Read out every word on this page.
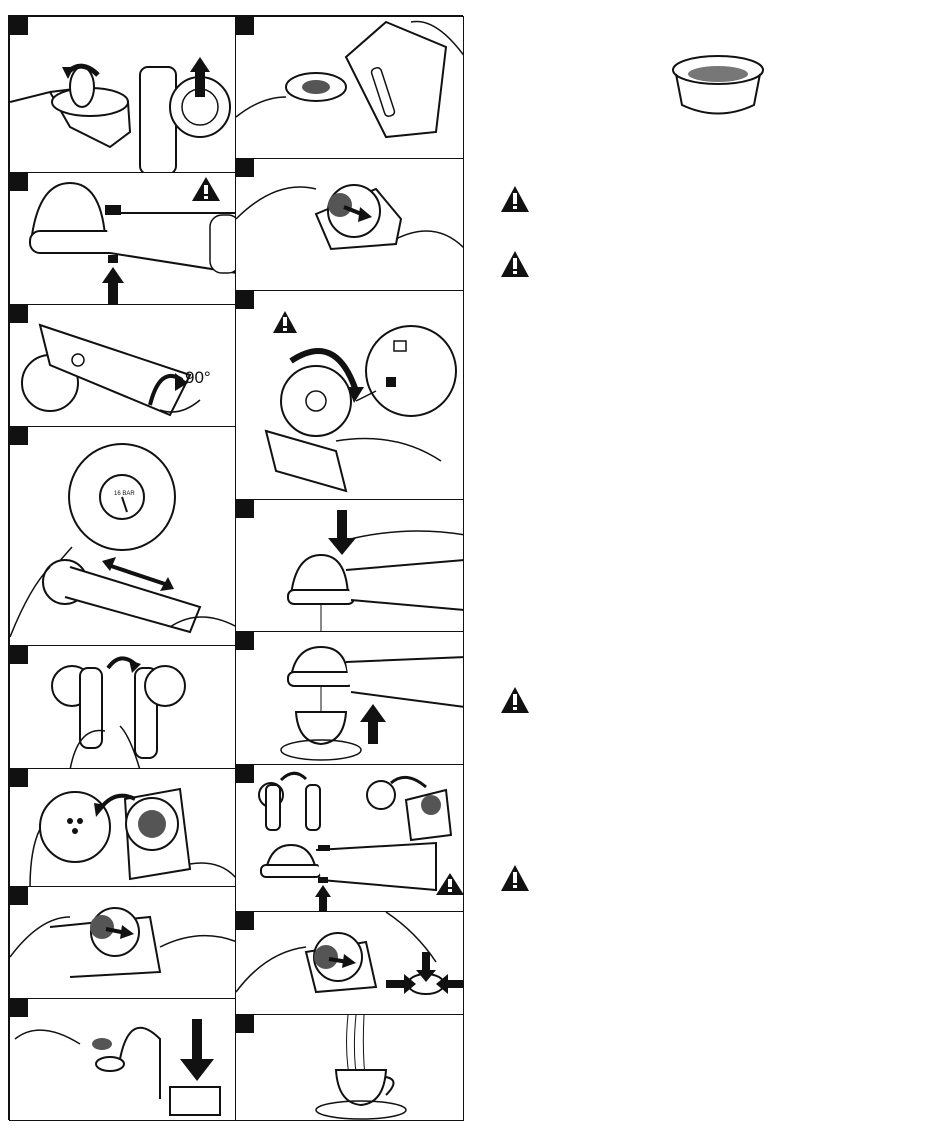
90°
16 BAR
